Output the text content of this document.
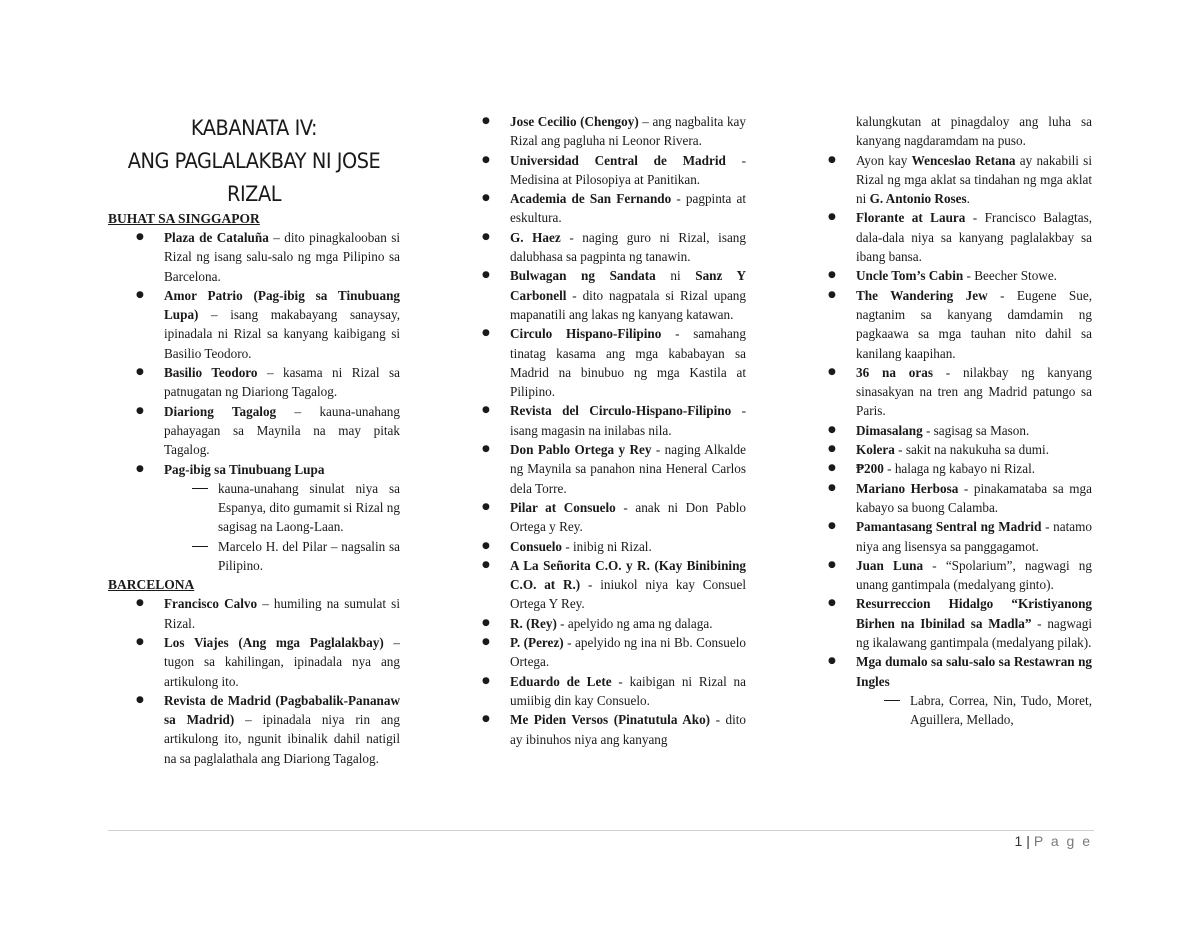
KABANATA IV:
ANG PAGLALAKBAY NI JOSE
RIZAL

BUHAT SA SINGGAPOR

● Plaza de Cataluña – dito pinagkalooban si Rizal ng isang salu-salo ng mga Pilipino sa Barcelona.
● Amor Patrio (Pag-ibig sa Tinubuang Lupa) – isang makabayang sanaysay, ipinadala ni Rizal sa kanyang kaibigang si Basilio Teodoro.
● Basilio Teodoro – kasama ni Rizal sa patnugatan ng Diariong Tagalog.
● Diariong Tagalog – kauna-unahang pahayagan sa Maynila na may pitak Tagalog.
● Pag-ibig sa Tinubuang Lupa
kauna-unahang sinulat niya sa Espanya, dito gumamit si Rizal ng sagisag na Laong-Laan.
Marcelo H. del Pilar – nagsalin sa Pilipino.

BARCELONA

● Francisco Calvo – humiling na sumulat si Rizal.
● Los Viajes (Ang mga Paglalakbay) – tugon sa kahilingan, ipinadala nya ang artikulong ito.
● Revista de Madrid (Pagbabalik-Pananaw sa Madrid) – ipinadala niya rin ang artikulong ito, ngunit ibinalik dahil natigil na sa paglalathala ang Diariong Tagalog.
● Jose Cecilio (Chengoy) – ang nagbalita kay Rizal ang pagluha ni Leonor Rivera.
● Universidad Central de Madrid - Medisina at Pilosopiya at Panitikan.
● Academia de San Fernando - pagpinta at eskultura.
● G. Haez - naging guro ni Rizal, isang dalubhasa sa pagpinta ng tanawin.
● Bulwagan ng Sandata ni Sanz Y Carbonell - dito nagpatala si Rizal upang mapanatili ang lakas ng kanyang katawan.
● Circulo Hispano-Filipino - samahang tinatag kasama ang mga kababayan sa Madrid na binubuo ng mga Kastila at Pilipino.
● Revista del Circulo-Hispano-Filipino - isang magasin na inilabas nila.
● Don Pablo Ortega y Rey - naging Alkalde ng Maynila sa panahon nina Heneral Carlos dela Torre.
● Pilar at Consuelo - anak ni Don Pablo Ortega y Rey.
● Consuelo - inibig ni Rizal.
● A La Señorita C.O. y R. (Kay Binibining C.O. at R.) - iniukol niya kay Consuel Ortega Y Rey.
● R. (Rey) - apelyido ng ama ng dalaga.
● P. (Perez) - apelyido ng ina ni Bb. Consuelo Ortega.
● Eduardo de Lete - kaibigan ni Rizal na umiibig din kay Consuelo.
● Me Piden Versos (Pinatutula Ako) - dito ay ibinuhos niya ang kanyang
kalungkutan at pinagdaloy ang luha sa kanyang nagdaramdam na puso.
● Ayon kay Wenceslao Retana ay nakabili si Rizal ng mga aklat sa tindahan ng mga aklat ni G. Antonio Roses.
● Florante at Laura - Francisco Balagtas, dala-dala niya sa kanyang paglalakbay sa ibang bansa.
● Uncle Tom’s Cabin - Beecher Stowe.
● The Wandering Jew - Eugene Sue, nagtanim sa kanyang damdamin ng pagkaawa sa mga tauhan nito dahil sa kanilang kaapihan.
● 36 na oras - nilakbay ng kanyang sinasakyan na tren ang Madrid patungo sa Paris.
● Dimasalang - sagisag sa Mason.
● Kolera - sakit na nakukuha sa dumi.
● ₱200 - halaga ng kabayo ni Rizal.
● Mariano Herbosa - pinakamataba sa mga kabayo sa buong Calamba.
● Pamantasang Sentral ng Madrid - natamo niya ang lisensya sa panggagamot.
● Juan Luna - “Spolarium”, nagwagi ng unang gantimpala (medalyang ginto).
● Resurreccion Hidalgo “Kristiyanong Birhen na Ibinilad sa Madla” - nagwagi ng ikalawang gantimpala (medalyang pilak).
● Mga dumalo sa salu-salo sa Restawran ng Ingles
Labra, Correa, Nin, Tudo, Moret, Aguillera, Mellado,
1 | P a g e
